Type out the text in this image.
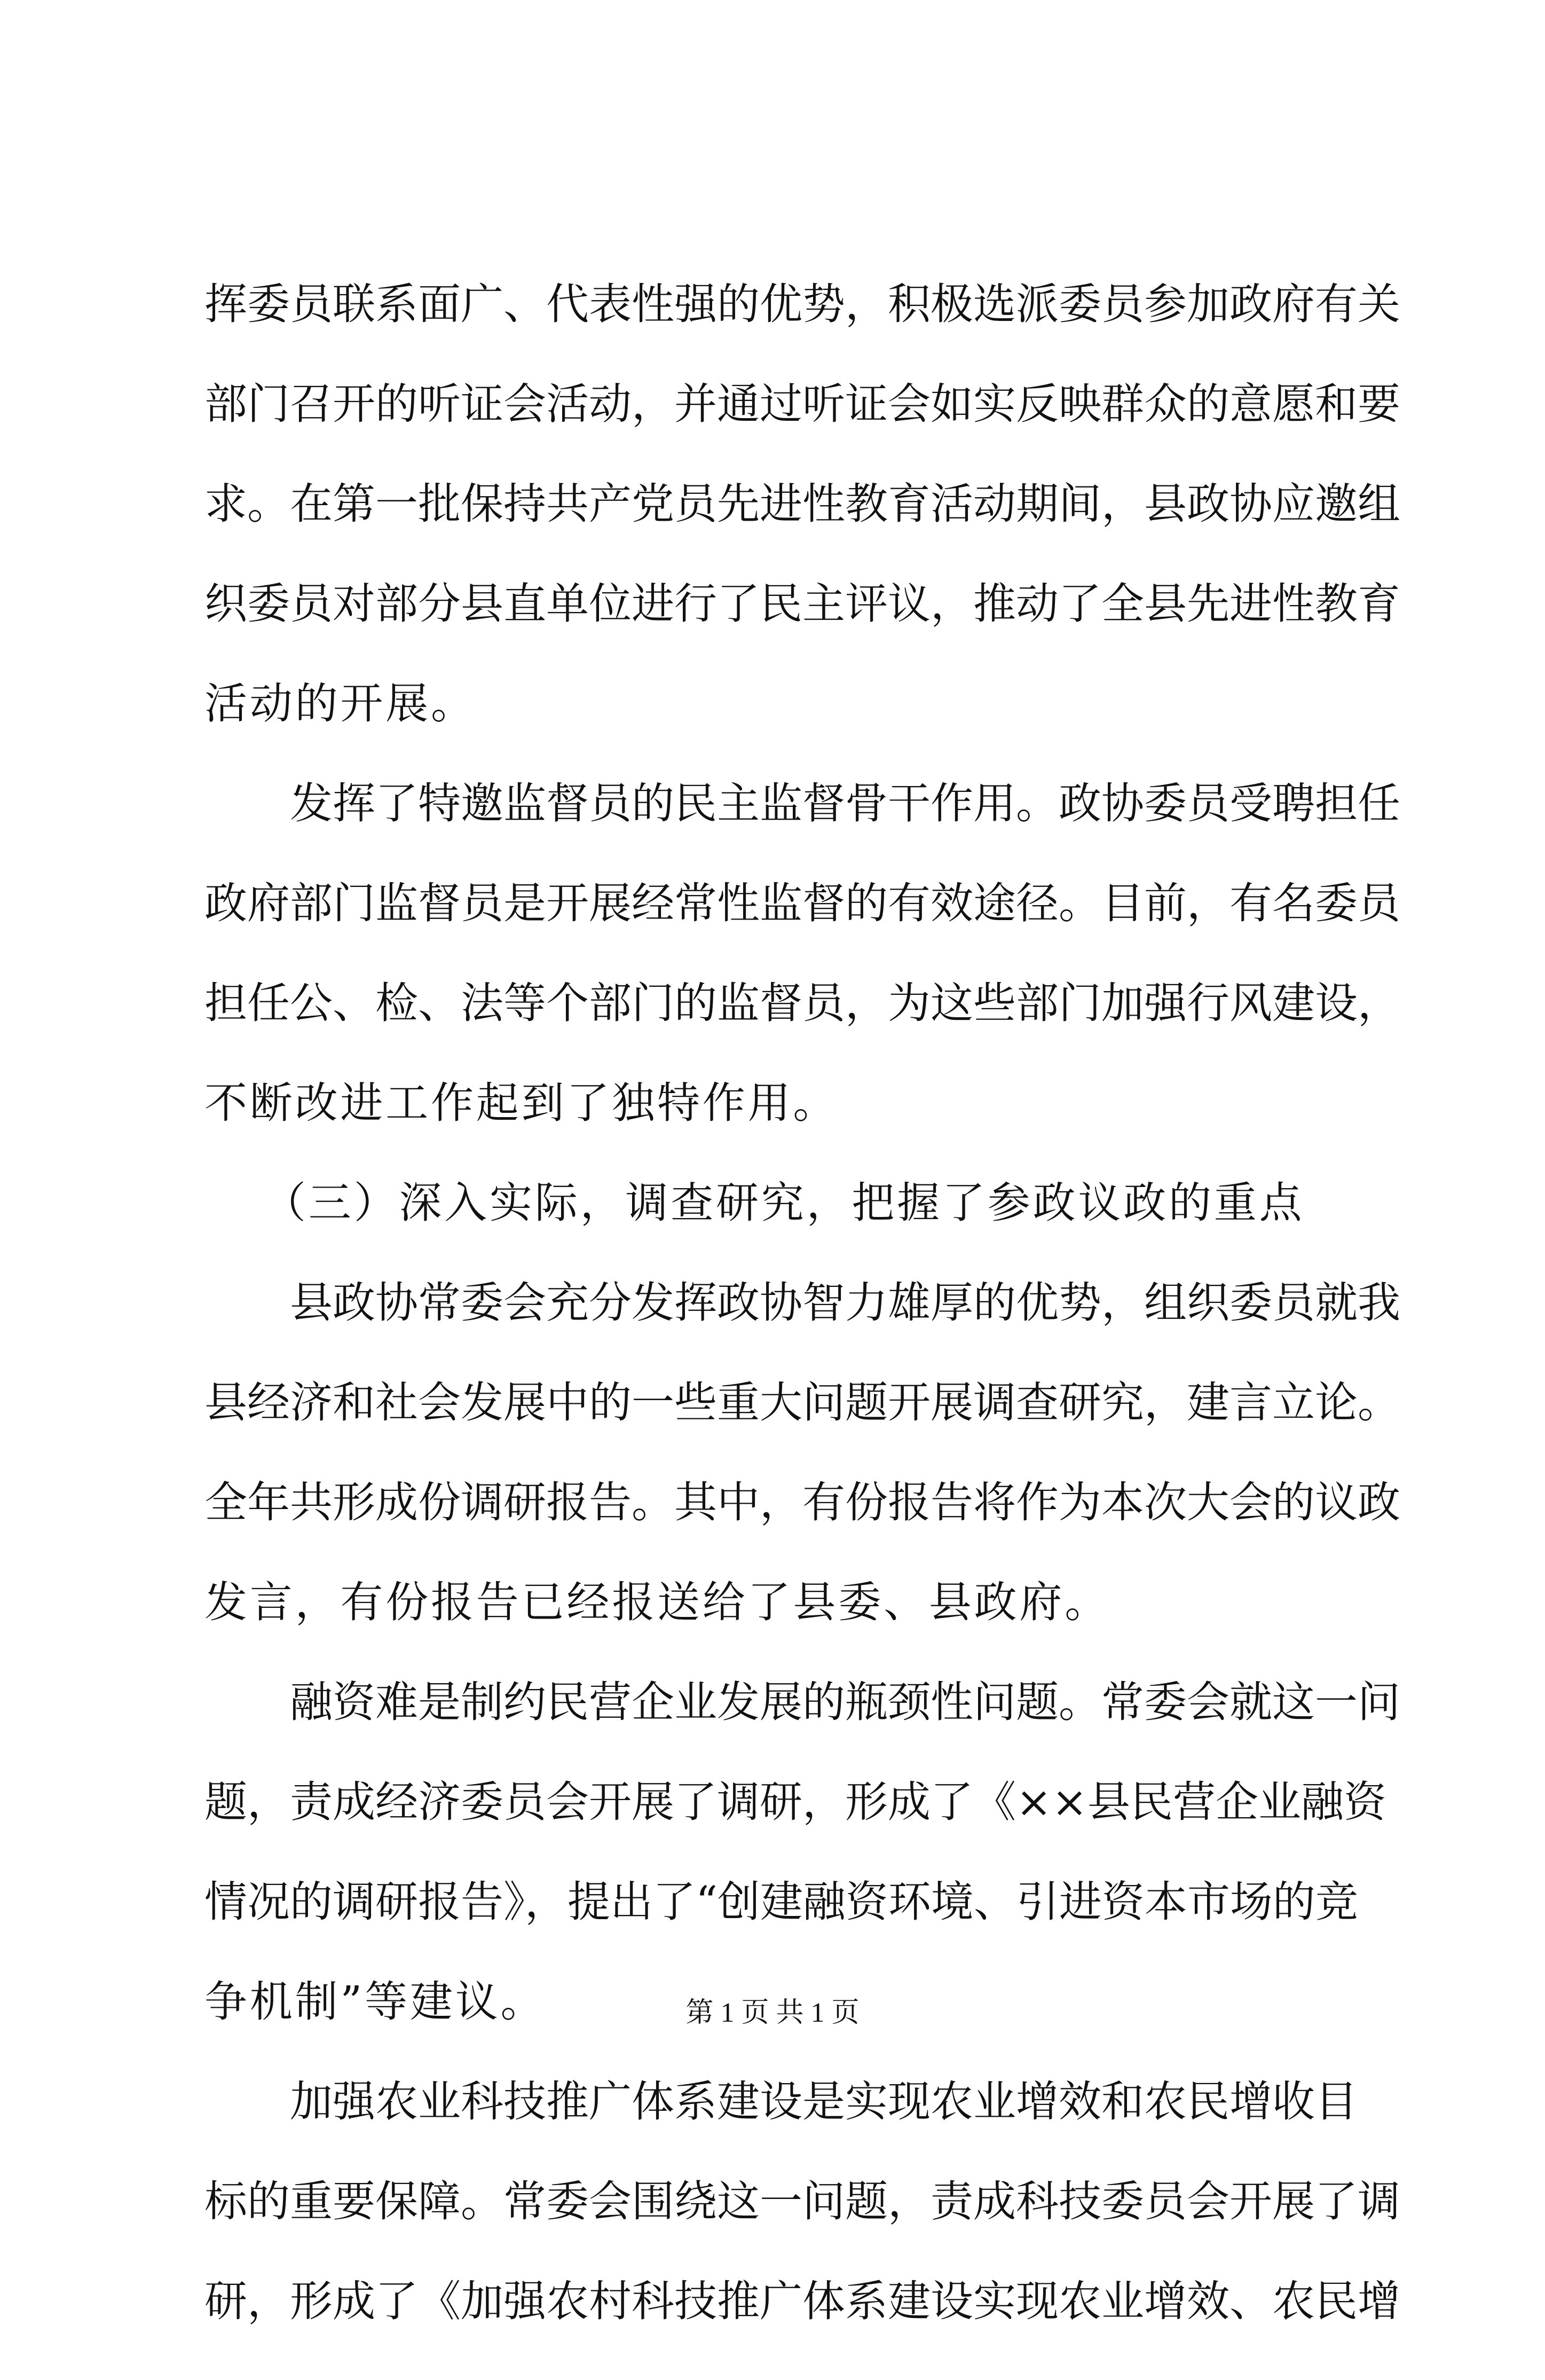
挥委员联系面广、代表性强的优势，积极选派委员参加政府有关
部门召开的听证会活动，并通过听证会如实反映群众的意愿和要
求。在第一批保持共产党员先进性教育活动期间，县政协应邀组
织委员对部分县直单位进行了民主评议，推动了全县先进性教育
活动的开展。
发挥了特邀监督员的民主监督骨干作用。政协委员受聘担任
政府部门监督员是开展经常性监督的有效途径。目前，有名委员
担任公、检、法等个部门的监督员，为这些部门加强行风建设，
不断改进工作起到了独特作用。
（三）深入实际，调查研究，把握了参政议政的重点
县政协常委会充分发挥政协智力雄厚的优势，组织委员就我
县经济和社会发展中的一些重大问题开展调查研究，建言立论。
全年共形成份调研报告。其中，有份报告将作为本次大会的议政
发言，有份报告已经报送给了县委、县政府。
融资难是制约民营企业发展的瓶颈性问题。常委会就这一问
题，责成经济委员会开展了调研，形成了《××县民营企业融资
情况的调研报告》，提出了“创建融资环境、引进资本市场的竞
争机制”等建议。
加强农业科技推广体系建设是实现农业增效和农民增收目
标的重要保障。常委会围绕这一问题，责成科技委员会开展了调
研，形成了《加强农村科技推广体系建设实现农业增效、农民增
第 1 页 共 1 页
